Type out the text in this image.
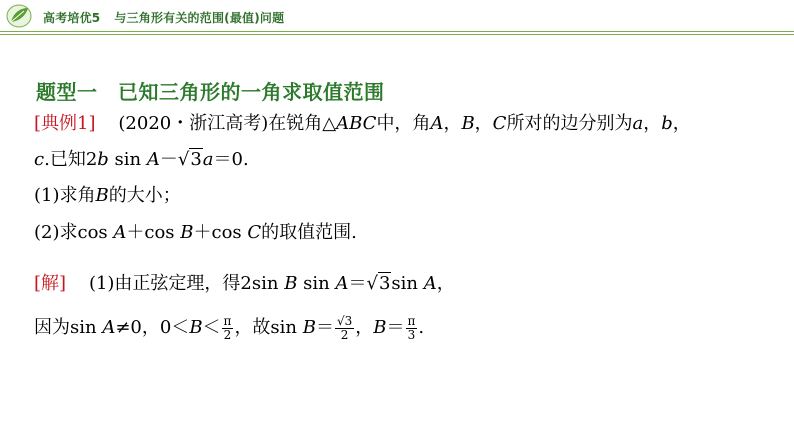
高考培优5 与三角形有关的范围(最值)问题
题型一　已知三角形的一角求取值范围
[典例1] (2020・浙江高考)在锐角△ABC中，角A，B，C所对的边分别为a，b，
c.已知2b sin A－√3a＝0.
(1)求角B的大小；
(2)求cos A＋cos B＋cos C的取值范围.
[解] (1)由正弦定理，得2sin B sin A＝√3sin A，
因为sin A≠0，$0<B< \frac{\pi}{2}$ ，故$\sin B= \frac{√3}{2}$ ，$B= \frac{\pi}{3}$ .
